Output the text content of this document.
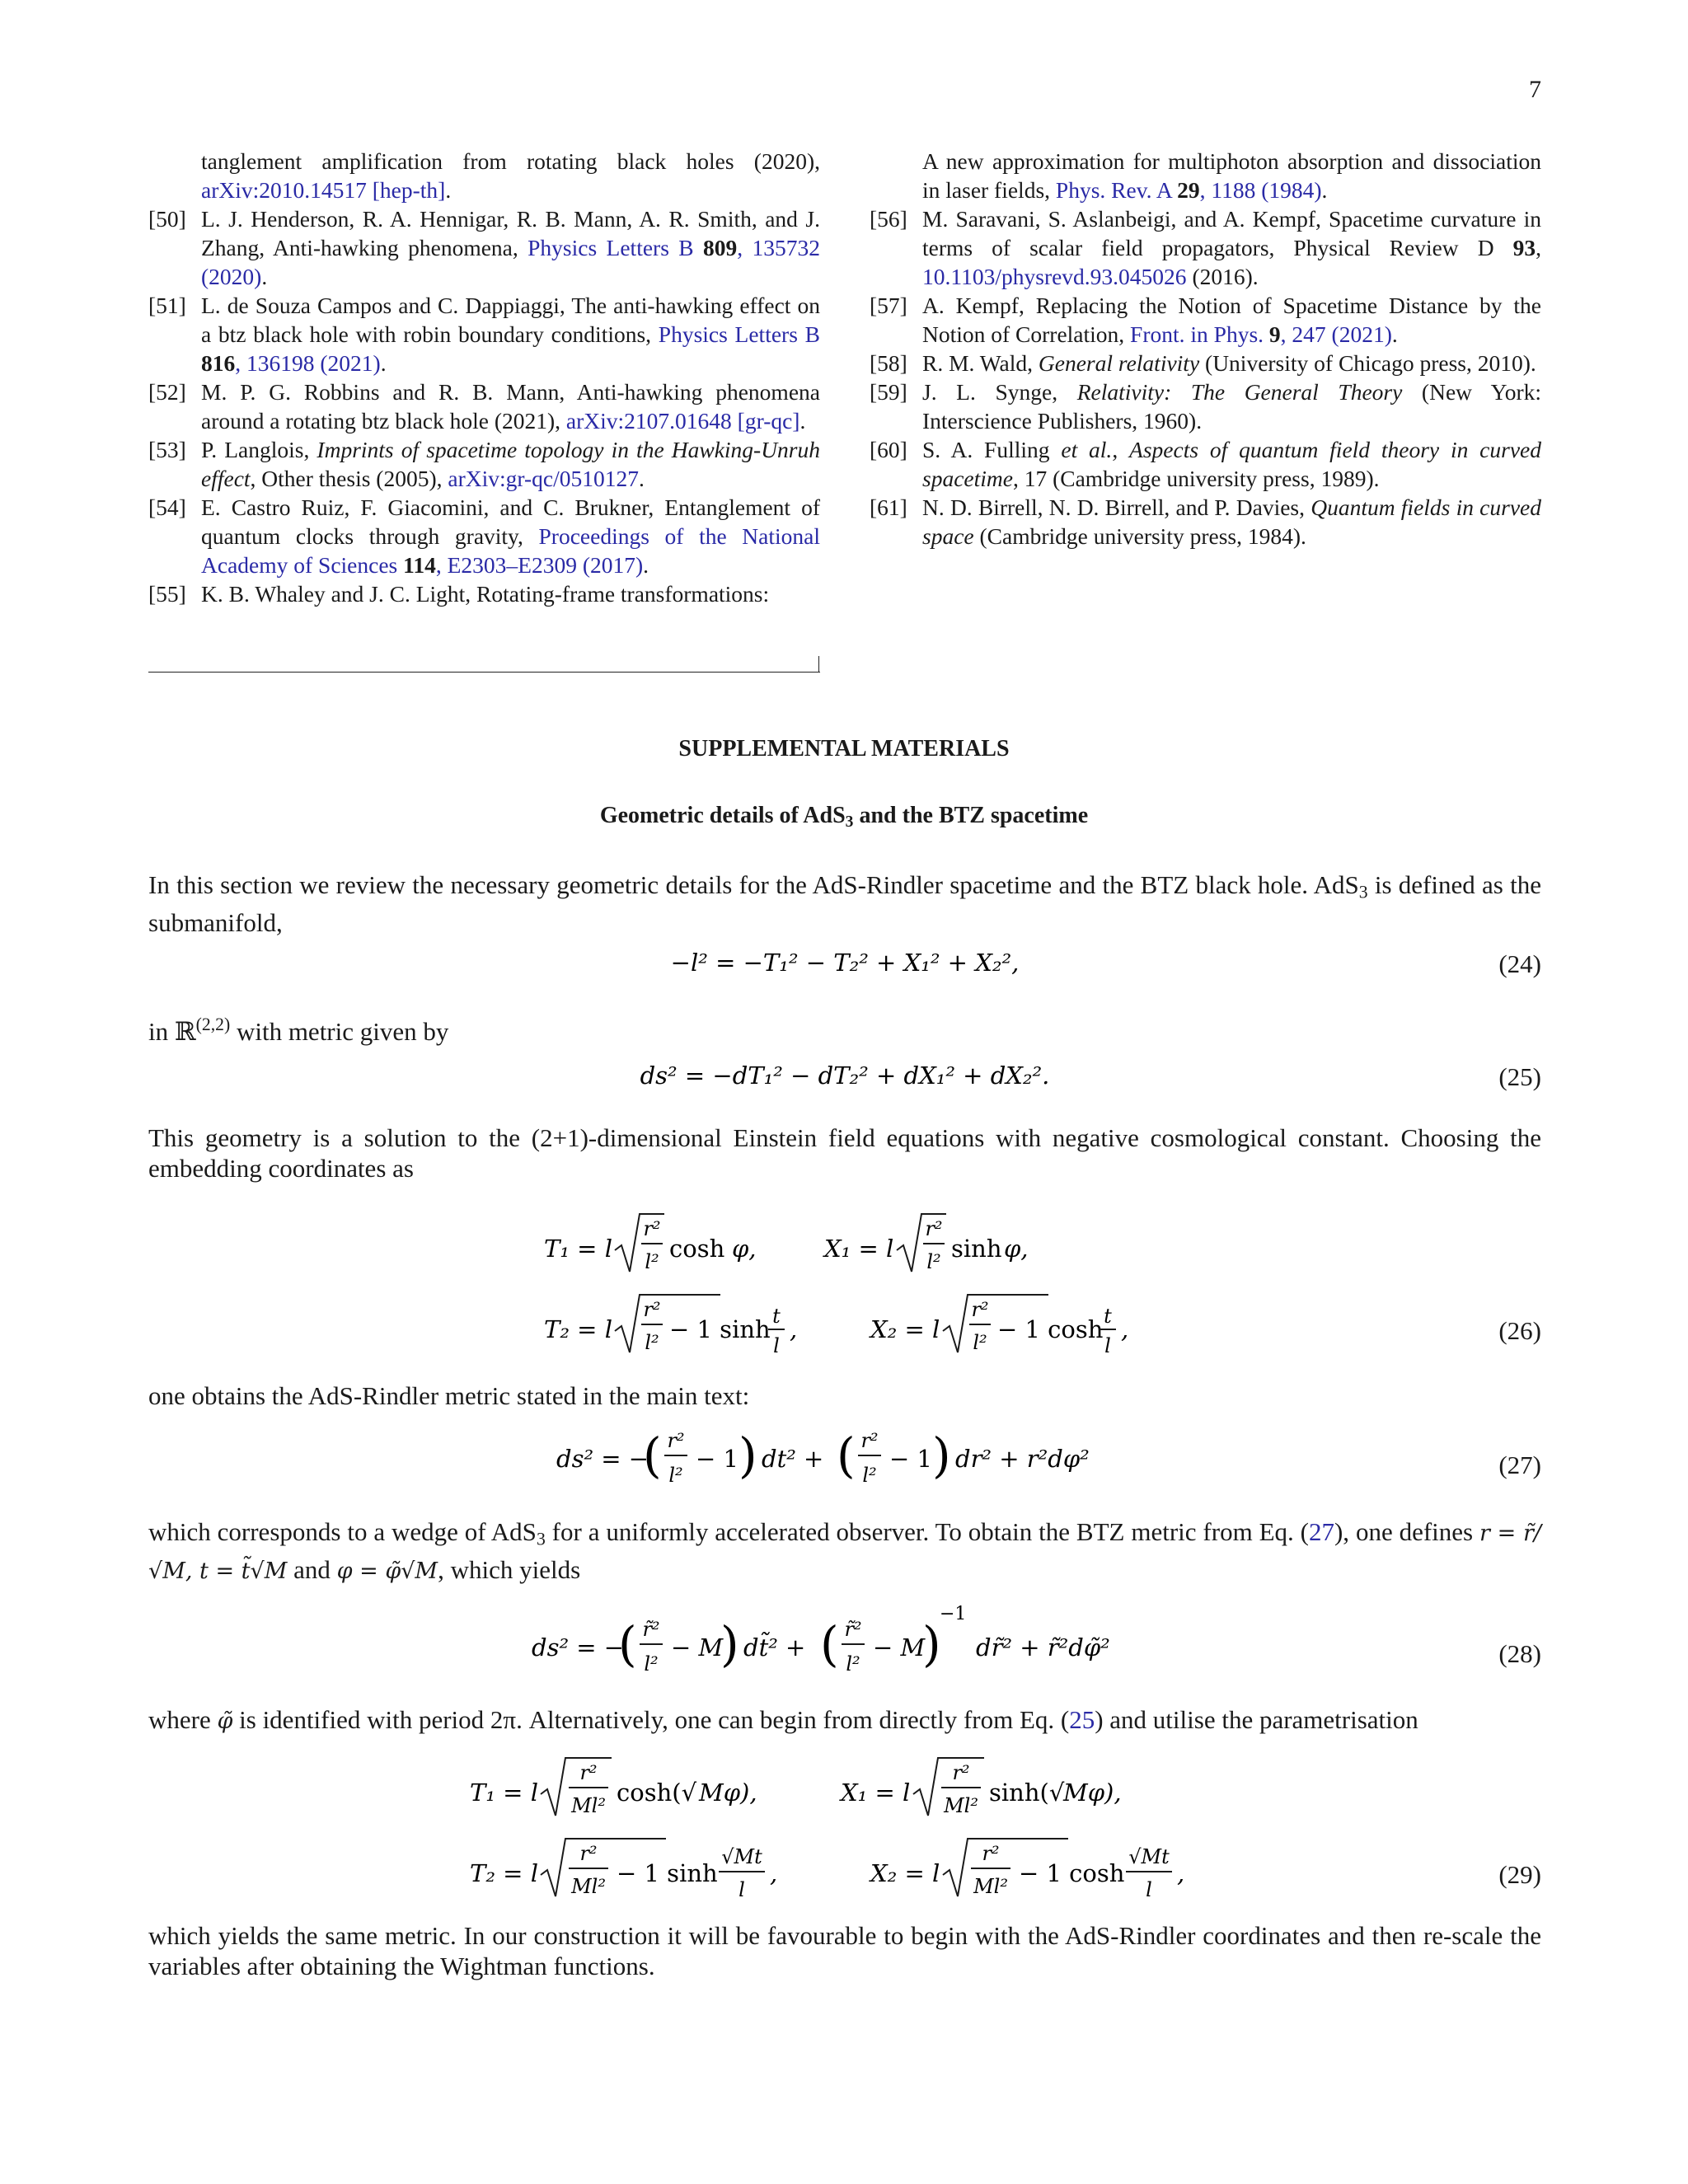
7
tanglement amplification from rotating black holes (2020), arXiv:2010.14517 [hep-th].
[50] L. J. Henderson, R. A. Hennigar, R. B. Mann, A. R. Smith, and J. Zhang, Anti-hawking phenomena, Physics Letters B 809, 135732 (2020).
[51] L. de Souza Campos and C. Dappiaggi, The anti-hawking effect on a btz black hole with robin boundary conditions, Physics Letters B 816, 136198 (2021).
[52] M. P. G. Robbins and R. B. Mann, Anti-hawking phenomena around a rotating btz black hole (2021), arXiv:2107.01648 [gr-qc].
[53] P. Langlois, Imprints of spacetime topology in the Hawking-Unruh effect, Other thesis (2005), arXiv:gr-qc/0510127.
[54] E. Castro Ruiz, F. Giacomini, and C. Brukner, Entanglement of quantum clocks through gravity, Proceedings of the National Academy of Sciences 114, E2303–E2309 (2017).
[55] K. B. Whaley and J. C. Light, Rotating-frame transformations:
A new approximation for multiphoton absorption and dissociation in laser fields, Phys. Rev. A 29, 1188 (1984).
[56] M. Saravani, S. Aslanbeigi, and A. Kempf, Spacetime curvature in terms of scalar field propagators, Physical Review D 93, 10.1103/physrevd.93.045026 (2016).
[57] A. Kempf, Replacing the Notion of Spacetime Distance by the Notion of Correlation, Front. in Phys. 9, 247 (2021).
[58] R. M. Wald, General relativity (University of Chicago press, 2010).
[59] J. L. Synge, Relativity: The General Theory (New York: Interscience Publishers, 1960).
[60] S. A. Fulling et al., Aspects of quantum field theory in curved spacetime, 17 (Cambridge university press, 1989).
[61] N. D. Birrell, N. D. Birrell, and P. Davies, Quantum fields in curved space (Cambridge university press, 1984).
SUPPLEMENTAL MATERIALS
Geometric details of AdS$_3$ and the BTZ spacetime
In this section we review the necessary geometric details for the AdS-Rindler spacetime and the BTZ black hole. AdS$_3$ is defined as the submanifold,
−l² = −T₁² − T₂² + X₁² + X₂²,	(24)
in ℝ$^{(2,2)}$ with metric given by
ds² = −dT₁² − dT₂² + dX₁² + dX₂².	(25)
This geometry is a solution to the (2+1)-dimensional Einstein field equations with negative cosmological constant. Choosing the embedding coordinates as
T₁ = l
r²
l² cosh φ,	X₁ = l
r²
l² sinh φ,
T₂ = l
r²
l² − 1 sinh t
l
,	X₂ = l
r²
l² − 1 cosh t
l
,	(26)
one obtains the AdS-Rindler metric stated in the main text:
ds² = −
( r²
l²
− 1 ) dt² + ( r²
l²
− 1 ) dr² + r²dφ²	(27)
which corresponds to a wedge of AdS$_3$ for a uniformly accelerated observer. To obtain the BTZ metric from Eq. (27), one defines r = r̃/√M, t = t̃√M and φ = φ̃√M, which yields
ds² = −
( r̃²
l²
− M
) dt̃² + ( r̃²
l²
− M
)
−1
dr̃² + r̃²dφ̃²	(28)
where φ̃ is identified with period 2π. Alternatively, one can begin from directly from Eq. (25) and utilise the parametrisation
T₁ = l
r²
Ml² cosh(√ Mφ),	X₁ = l
r²
Ml² sinh(√
Mφ),
T₂ = l
r²
Ml² − 1 sinh
√Mt
l
,	X₂ = l
r²
Ml² − 1 cosh
√Mt
l
,	(29)
which yields the same metric. In our construction it will be favourable to begin with the AdS-Rindler coordinates and then re-scale the variables after obtaining the Wightman functions.
